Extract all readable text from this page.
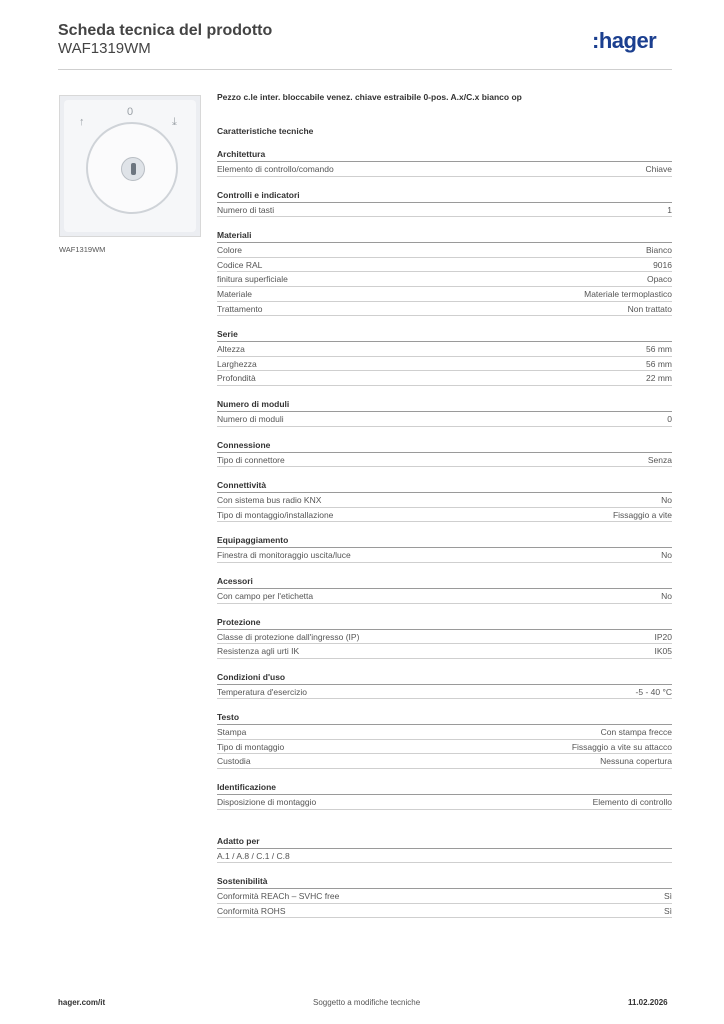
Scheda tecnica del prodotto
WAF1319WM	:hager
↑
0
⤓
WAF1319WM
Pezzo c.le inter. bloccabile venez. chiave estraibile 0-pos. A.x/C.x bianco op
Caratteristiche tecniche
Architettura
Elemento di controllo/comando	Chiave
Controlli e indicatori
Numero di tasti	1
Materiali
Colore	Bianco
Codice RAL	9016
finitura superficiale	Opaco
Materiale	Materiale termoplastico
Trattamento	Non trattato
Serie
Altezza	56 mm
Larghezza	56 mm
Profondità	22 mm
Numero di moduli
Numero di moduli	0
Connessione
Tipo di connettore	Senza
Connettività
Con sistema bus radio KNX	No
Tipo di montaggio/installazione	Fissaggio a vite
Equipaggiamento
Finestra di monitoraggio uscita/luce	No
Acessori
Con campo per l'etichetta	No
Protezione
Classe di protezione dall'ingresso (IP)	IP20
Resistenza agli urti IK	IK05
Condizioni d'uso
Temperatura d'esercizio	-5 - 40 °C
Testo
Stampa	Con stampa frecce
Tipo di montaggio	Fissaggio a vite su attacco
Custodia	Nessuna copertura
Identificazione
Disposizione di montaggio	Elemento di controllo
Adatto per
A.1 / A.8 / C.1 / C.8
Sostenibilità
Conformità REACh – SVHC free	Sì
Conformità ROHS	Sì
hager.com/it	Soggetto a modifiche tecniche	11.02.2026
